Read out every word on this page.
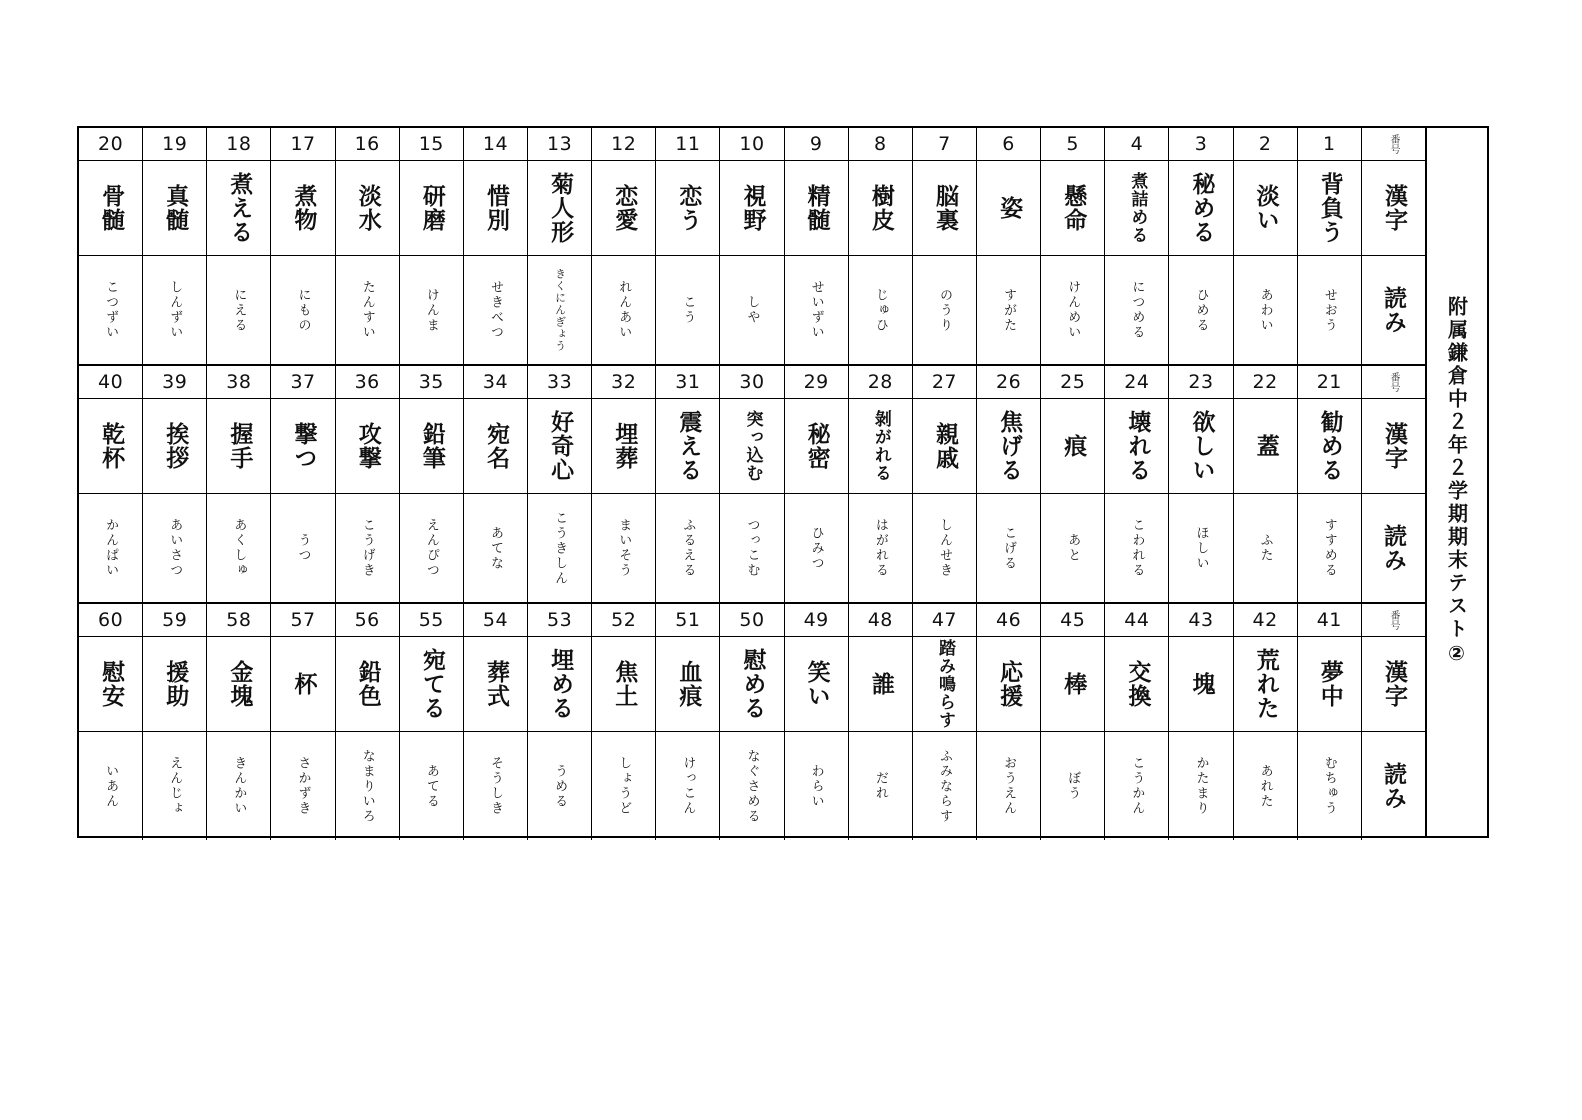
番号
漢字
読み
1
背負う
せおう
2
淡い
あわい
3
秘める
ひめる
4
煮詰める
につめる
5
懸命
けんめい
6
姿
すがた
7
脳裏
のうり
8
樹皮
じゅひ
9
精髄
せいずい
10
視野
しや
11
恋う
こう
12
恋愛
れんあい
13
菊人形
きくにんぎょう
14
惜別
せきべつ
15
研磨
けんま
16
淡水
たんすい
17
煮物
にもの
18
煮える
にえる
19
真髄
しんずい
20
骨髄
こつずい
番号
漢字
読み
21
勧める
すすめる
22
蓋
ふた
23
欲しい
ほしい
24
壊れる
こわれる
25
痕
あと
26
焦げる
こげる
27
親戚
しんせき
28
剝がれる
はがれる
29
秘密
ひみつ
30
突っ込む
つっこむ
31
震える
ふるえる
32
埋葬
まいそう
33
好奇心
こうきしん
34
宛名
あてな
35
鉛筆
えんぴつ
36
攻撃
こうげき
37
撃つ
うつ
38
握手
あくしゅ
39
挨拶
あいさつ
40
乾杯
かんぱい
番号
漢字
読み
41
夢中
むちゅう
42
荒れた
あれた
43
塊
かたまり
44
交換
こうかん
45
棒
ぼう
46
応援
おうえん
47
踏み鳴らす
ふみならす
48
誰
だれ
49
笑い
わらい
50
慰める
なぐさめる
51
血痕
けっこん
52
焦土
しょうど
53
埋める
うめる
54
葬式
そうしき
55
宛てる
あてる
56
鉛色
なまりいろ
57
杯
さかずき
58
金塊
きんかい
59
援助
えんじょ
60
慰安
いあん
附属鎌倉中２年２学期期末テスト②
